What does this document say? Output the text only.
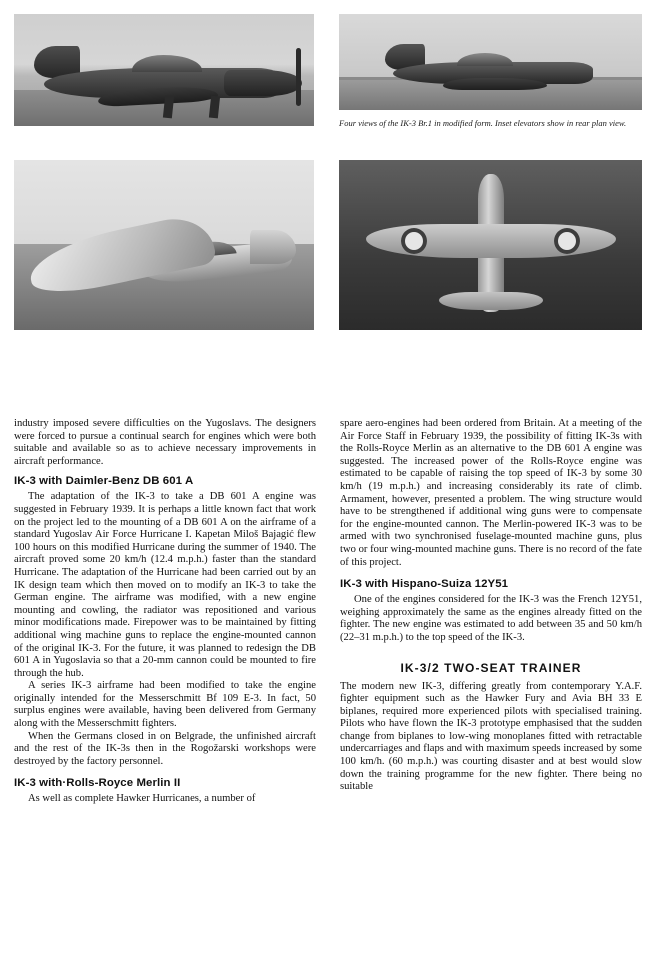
Four views of the IK-3 Br.1 in modified form. Inset elevators show in rear plan view.

industry imposed severe difficulties on the Yugoslavs. The designers were forced to pursue a continual search for engines which were both suitable and available so as to achieve necessary improvements in aircraft performance.

IK-3 with Daimler-Benz DB 601 A

The adaptation of the IK-3 to take a DB 601 A engine was suggested in February 1939. It is perhaps a little known fact that work on the project led to the mounting of a DB 601 A on the airframe of a standard Yugoslav Air Force Hurricane I. Kapetan Miloš Bajagić flew 100 hours on this modified Hurricane during the summer of 1940. The aircraft proved some 20 km/h (12.4 m.p.h.) faster than the standard Hurricane. The adaptation of the Hurricane had been carried out by an IK design team which then moved on to modify an IK-3 to take the German engine. The airframe was modified, with a new engine mounting and cowling, the radiator was repositioned and various minor modifications made. Firepower was to be maintained by fitting additional wing machine guns to replace the engine-mounted cannon of the original IK-3. For the future, it was planned to redesign the DB 601 A in Yugoslavia so that a 20-mm cannon could be mounted to fire through the hub.

A series IK-3 airframe had been modified to take the engine originally intended for the Messerschmitt Bf 109 E-3. In fact, 50 surplus engines were available, having been delivered from Germany along with the Messerschmitt fighters.

When the Germans closed in on Belgrade, the unfinished aircraft and the rest of the IK-3s then in the Rogožarski workshops were destroyed by the factory personnel.

IK-3 with·Rolls-Royce Merlin II

As well as complete Hawker Hurricanes, a number of

spare aero-engines had been ordered from Britain. At a meeting of the Air Force Staff in February 1939, the possibility of fitting IK-3s with the Rolls-Royce Merlin as an alternative to the DB 601 A engine was suggested. The increased power of the Rolls-Royce engine was estimated to be capable of raising the top speed of IK-3 by some 30 km/h (19 m.p.h.) and increasing considerably its rate of climb. Armament, however, presented a problem. The wing structure would have to be strengthened if additional wing guns were to compensate for the engine-mounted cannon. The Merlin-powered IK-3 was to be armed with two synchronised fuselage-mounted machine guns, plus two or four wing-mounted machine guns. There is no record of the fate of this project.

IK-3 with Hispano-Suiza 12Y51

One of the engines considered for the IK-3 was the French 12Y51, weighing approximately the same as the engines already fitted on the fighter. The new engine was estimated to add between 35 and 50 km/h (22–31 m.p.h.) to the top speed of the IK-3.

IK-3/2 TWO-SEAT TRAINER

The modern new IK-3, differing greatly from contemporary Y.A.F. fighter equipment such as the Hawker Fury and Avia BH 33 E biplanes, required more experienced pilots with specialised training. Pilots who have flown the IK-3 prototype emphasised that the sudden change from biplanes to low-wing monoplanes fitted with retractable undercarriages and flaps and with maximum speeds increased by some 100 km/h. (60 m.p.h.) was courting disaster and at best would slow down the training programme for the new fighter. There being no suitable
